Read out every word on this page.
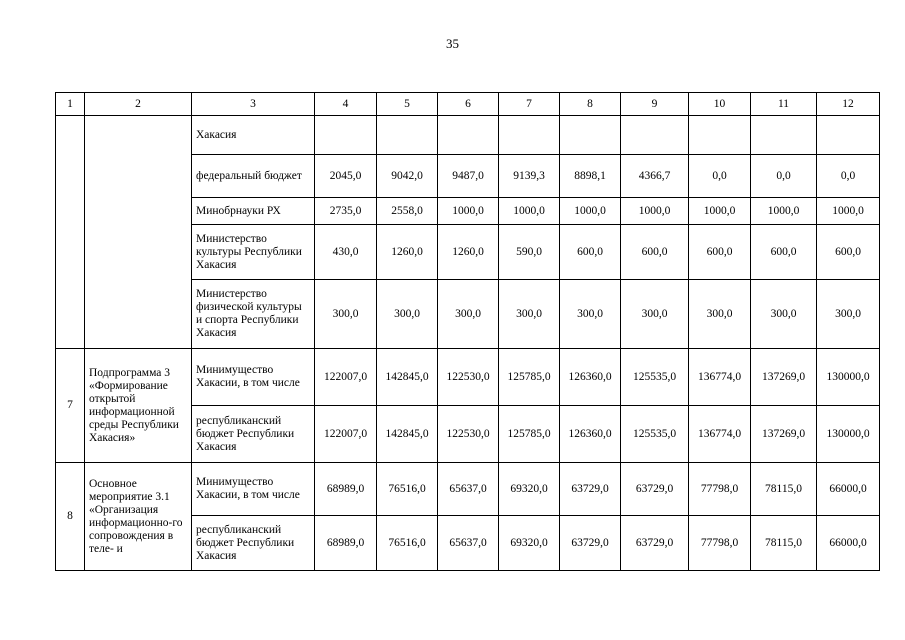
35
1	2	3	4	5	6	7	8	9	10	11	12
		Хакасия									
		федеральный бюджет	2045,0	9042,0	9487,0	9139,3	8898,1	4366,7	0,0	0,0	0,0
		Минобрнауки РХ	2735,0	2558,0	1000,0	1000,0	1000,0	1000,0	1000,0	1000,0	1000,0
		Министерство культуры Республики Хакасия	430,0	1260,0	1260,0	590,0	600,0	600,0	600,0	600,0	600,0
		Министерство физической культуры и спорта Республики Хакасия	300,0	300,0	300,0	300,0	300,0	300,0	300,0	300,0	300,0
7	Подпрограмма 3 «Формирование открытой информационной среды Республики Хакасия»	Минимущество Хакасии, в том числе	122007,0	142845,0	122530,0	125785,0	126360,0	125535,0	136774,0	137269,0	130000,0
		республиканский бюджет Республики Хакасия	122007,0	142845,0	122530,0	125785,0	126360,0	125535,0	136774,0	137269,0	130000,0
8	Основное мероприятие 3.1 «Организация информационно-го сопровождения в теле- и	Минимущество Хакасии, в том числе	68989,0	76516,0	65637,0	69320,0	63729,0	63729,0	77798,0	78115,0	66000,0
		республиканский бюджет Республики Хакасия	68989,0	76516,0	65637,0	69320,0	63729,0	63729,0	77798,0	78115,0	66000,0
